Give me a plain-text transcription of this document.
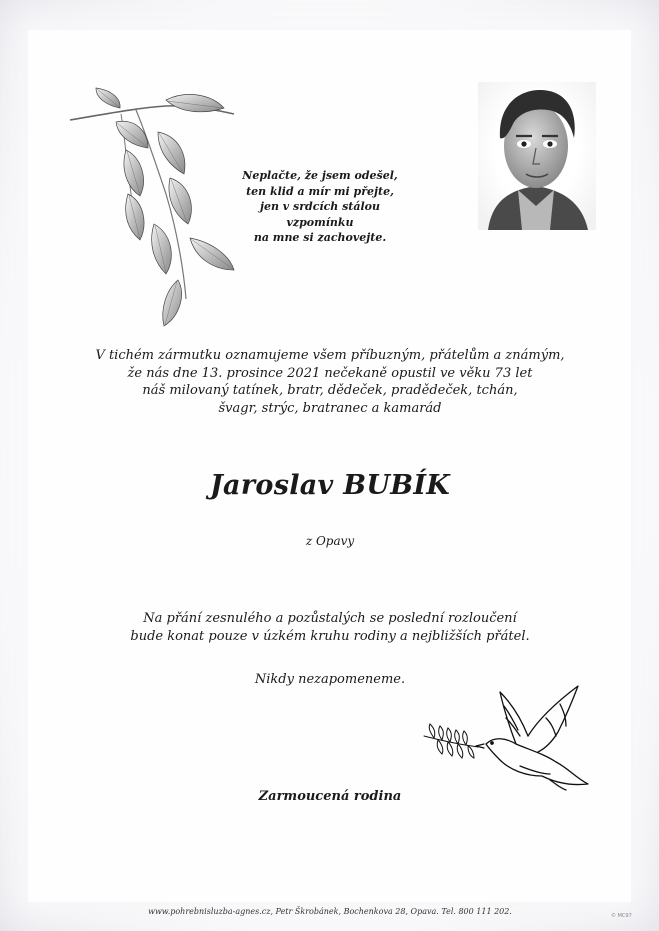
Neplačte, že jsem odešel,
ten klid a mír mi přejte,
jen v srdcích stálou vzpomínku
na mne si zachovejte.
V tichém zármutku oznamujeme všem příbuzným, přátelům a známým,
že nás dne 13. prosince 2021 nečekaně opustil ve věku 73 let
náš milovaný tatínek, bratr, dědeček, pradědeček, tchán,
švagr, strýc, bratranec a kamarád
Jaroslav BUBÍK
z Opavy
Na přání zesnulého a pozůstalých se poslední rozloučení
bude konat pouze v úzkém kruhu rodiny a nejbližších přátel.
Nikdy nezapomeneme.
Zarmoucená rodina
www.pohrebnisluzba-agnes.cz, Petr Škrobánek, Bochenkova 28, Opava. Tel. 800 111 202.	© MC97
